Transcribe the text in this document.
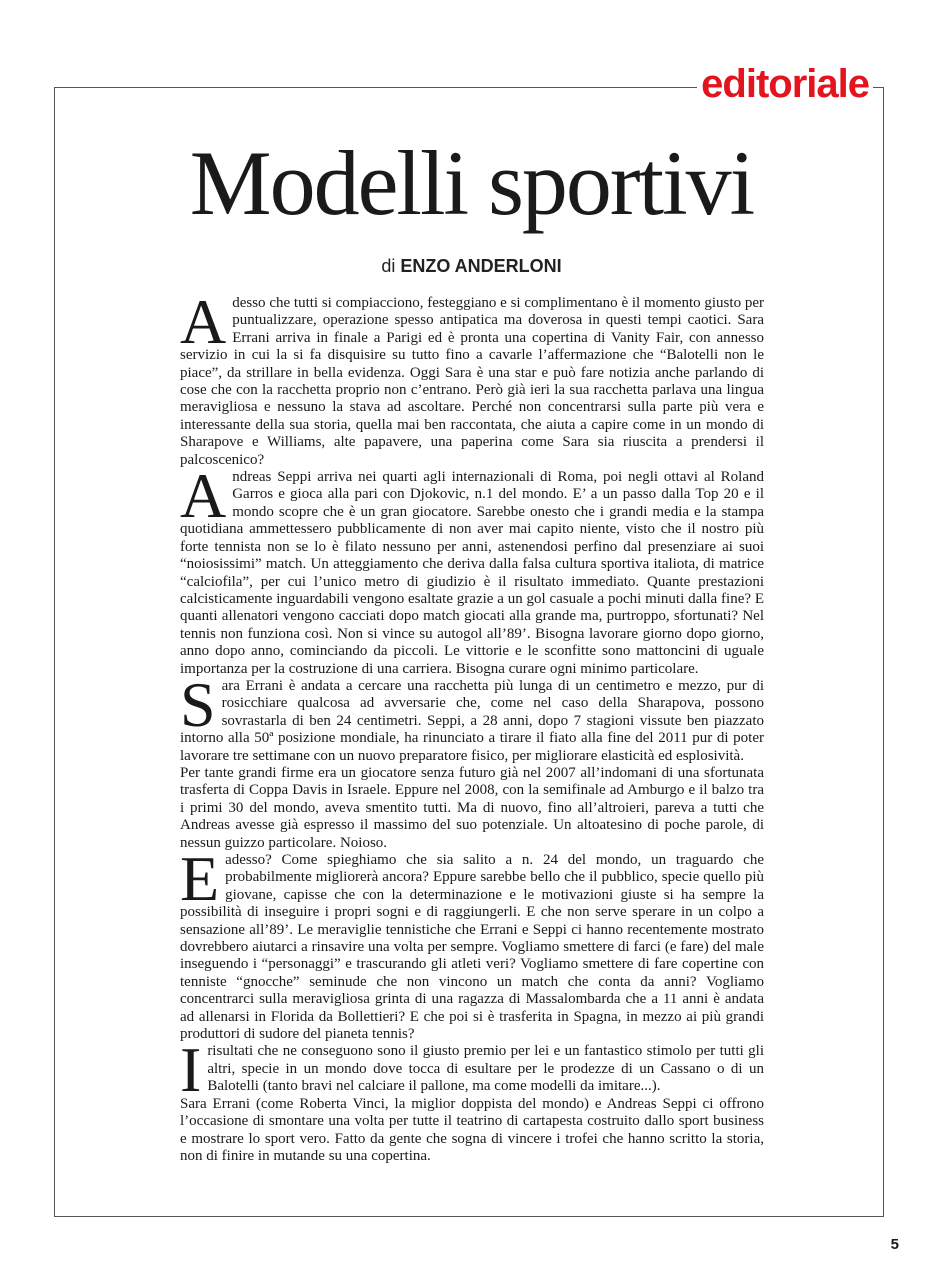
editoriale
Modelli sportivi
di ENZO ANDERLONI

Adesso che tutti si compiacciono, festeggiano e si complimentano è il momento giusto per puntualizzare, operazione spesso antipatica ma doverosa in questi tempi caotici. Sara Errani arriva in finale a Parigi ed è pronta una copertina di Vanity Fair, con annesso servizio in cui la si fa disquisire su tutto fino a cavarle l’affermazione che “Balotelli non le piace”, da strillare in bella evidenza. Oggi Sara è una star e può fare notizia anche parlando di cose che con la racchetta proprio non c’entrano. Però già ieri la sua racchetta parlava una lingua meravigliosa e nessuno la stava ad ascoltare. Perché non concentrarsi sulla parte più vera e interessante della sua storia, quella mai ben raccontata, che aiuta a capire come in un mondo di Sharapove e Williams, alte papavere, una paperina come Sara sia riuscita a prendersi il palcoscenico?

Andreas Seppi arriva nei quarti agli internazionali di Roma, poi negli ottavi al Roland Garros e gioca alla pari con Djokovic, n.1 del mondo. E’ a un passo dalla Top 20 e il mondo scopre che è un gran giocatore. Sarebbe onesto che i grandi media e la stampa quotidiana ammettessero pubblicamente di non aver mai capito niente, visto che il nostro più forte tennista non se lo è filato nessuno per anni, astenendosi perfino dal presenziare ai suoi “noiosissimi” match. Un atteggiamento che deriva dalla falsa cultura sportiva italiota, di matrice “calciofila”, per cui l’unico metro di giudizio è il risultato immediato. Quante prestazioni calcisticamente inguardabili vengono esaltate grazie a un gol casuale a pochi minuti dalla fine? E quanti allenatori vengono cacciati dopo match giocati alla grande ma, purtroppo, sfortunati? Nel tennis non funziona così. Non si vince su autogol all’89’. Bisogna lavorare giorno dopo giorno, anno dopo anno, cominciando da piccoli. Le vittorie e le sconfitte sono mattoncini di uguale importanza per la costruzione di una carriera. Bisogna curare ogni minimo particolare.

Sara Errani è andata a cercare una racchetta più lunga di un centimetro e mezzo, pur di rosicchiare qualcosa ad avversarie che, come nel caso della Sharapova, possono sovrastarla di ben 24 centimetri. Seppi, a 28 anni, dopo 7 stagioni vissute ben piazzato intorno alla 50ª posizione mondiale, ha rinunciato a tirare il fiato alla fine del 2011 pur di poter lavorare tre settimane con un nuovo preparatore fisico, per migliorare elasticità ed esplosività.

Per tante grandi firme era un giocatore senza futuro già nel 2007 all’indomani di una sfortunata trasferta di Coppa Davis in Israele. Eppure nel 2008, con la semifinale ad Amburgo e il balzo tra i primi 30 del mondo, aveva smentito tutti. Ma di nuovo, fino all’altroieri, pareva a tutti che Andreas avesse già espresso il massimo del suo potenziale. Un altoatesino di poche parole, di nessun guizzo particolare. Noioso.

Eadesso? Come spieghiamo che sia salito a n. 24 del mondo, un traguardo che probabilmente migliorerà ancora? Eppure sarebbe bello che il pubblico, specie quello più giovane, capisse che con la determinazione e le motivazioni giuste si ha sempre la possibilità di inseguire i propri sogni e di raggiungerli. E che non serve sperare in un colpo a sensazione all’89’. Le meraviglie tennistiche che Errani e Seppi ci hanno recentemente mostrato dovrebbero aiutarci a rinsavire una volta per sempre. Vogliamo smettere di farci (e fare) del male inseguendo i “personaggi” e trascurando gli atleti veri? Vogliamo smettere di fare copertine con tenniste “gnocche” seminude che non vincono un match che conta da anni? Vogliamo concentrarci sulla meravigliosa grinta di una ragazza di Massalombarda che a 11 anni è andata ad allenarsi in Florida da Bollettieri? E che poi si è trasferita in Spagna, in mezzo ai più grandi produttori di sudore del pianeta tennis?

Irisultati che ne conseguono sono il giusto premio per lei e un fantastico stimolo per tutti gli altri, specie in un mondo dove tocca di esultare per le prodezze di un Cassano o di un Balotelli (tanto bravi nel calciare il pallone, ma come modelli da imitare...).

Sara Errani (come Roberta Vinci, la miglior doppista del mondo) e Andreas Seppi ci offrono l’occasione di smontare una volta per tutte il teatrino di cartapesta costruito dallo sport business e mostrare lo sport vero. Fatto da gente che sogna di vincere i trofei che hanno scritto la storia, non di finire in mutande su una copertina.

5
